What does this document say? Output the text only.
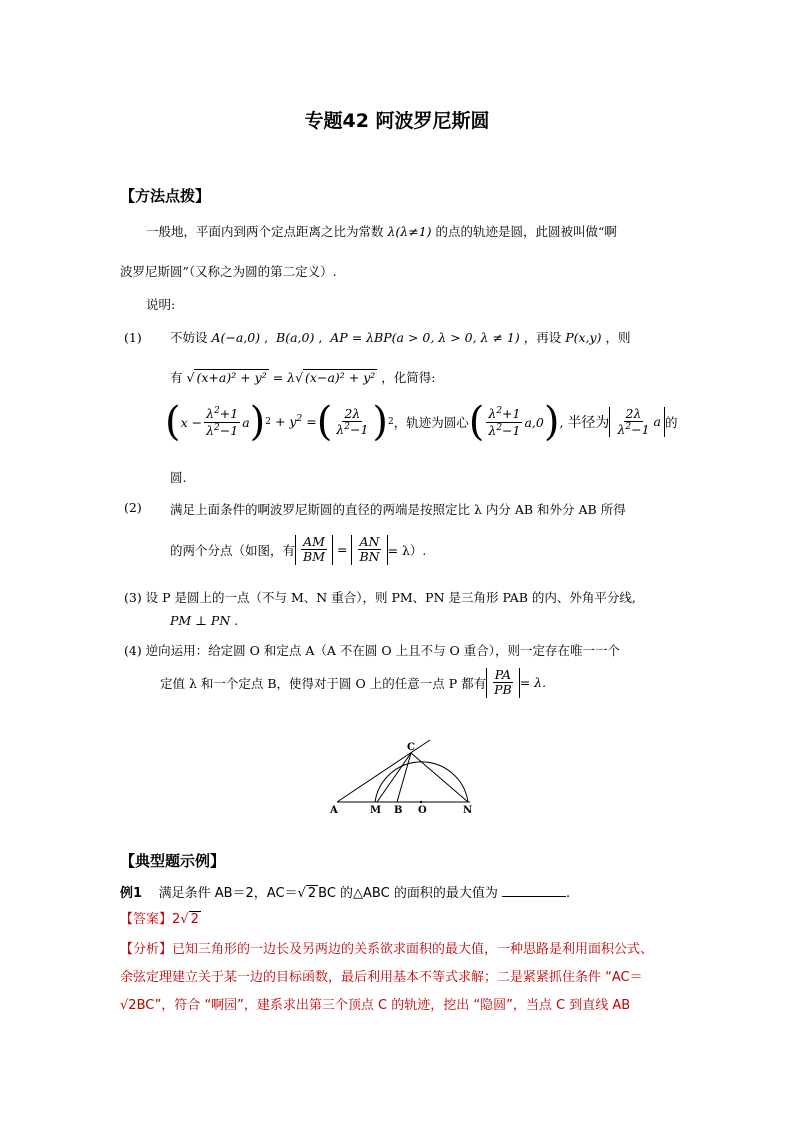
专题42 阿波罗尼斯圆
【方法点拨】
一般地，平面内到两个定点距离之比为常数 λ(λ≠1) 的点的轨迹是圆，此圆被叫做“啊
波罗尼斯圆”（又称之为圆的第二定义）.
说明:
(1) 不妨设 A(−a,0) ,  B(a,0) ,  AP = λBP(a > 0, λ > 0, λ ≠ 1) ，再设 P(x,y) ，则
有 √ (x+a)² + y² = λ√ (x−a)² + y² ，化简得:
( $x - \frac{\lambda^2+1}{\lambda^2-1}$ a ) $2 + y^2$ = ( $\frac{2\lambda}{\lambda^2-1}$ ) 2 ，轨迹为圆心 ( $\frac{\lambda^2+1}{\lambda^2-1} a,0$ ) , 半径为 $\frac{2\lambda}{\lambda^2-1}$ a 的
圆.
(2) 满足上面条件的啊波罗尼斯圆的直径的两端是按照定比 λ 内分 AB 和外分 AB 所得
的两个分点（如图，有 $\frac{AM}{BM} = \frac{AN}{BN} = \lambda$）.
(3) 设 P 是圆上的一点（不与 M、N 重合），则 PM、PN 是三角形 PAB 的内、外角平分线,
PM ⊥ PN .
(4) 逆向运用：给定圆 O 和定点 A（A 不在圆 O 上且不与 O 重合），则一定存在唯一一个
定值 λ 和一个定点 B，使得对于圆 O 上的任意一点 P 都有 $\frac{PA}{PB} = \lambda$.
C
A	M B O	N
【典型题示例】
例1 满足条件 AB＝2，AC＝√ 2 BC 的△ABC 的面积的最大值为	.
【答案】2√ 2
【分析】已知三角形的一边长及另两边的关系欲求面积的最大值，一种思路是利用面积公式、
余弦定理建立关于某一边的目标函数，最后利用基本不等式求解；二是紧紧抓住条件 “AC＝
√2BC”，符合 “啊园”，建系求出第三个顶点 C 的轨迹，挖出 “隐圆”，当点 C 到直线 AB
